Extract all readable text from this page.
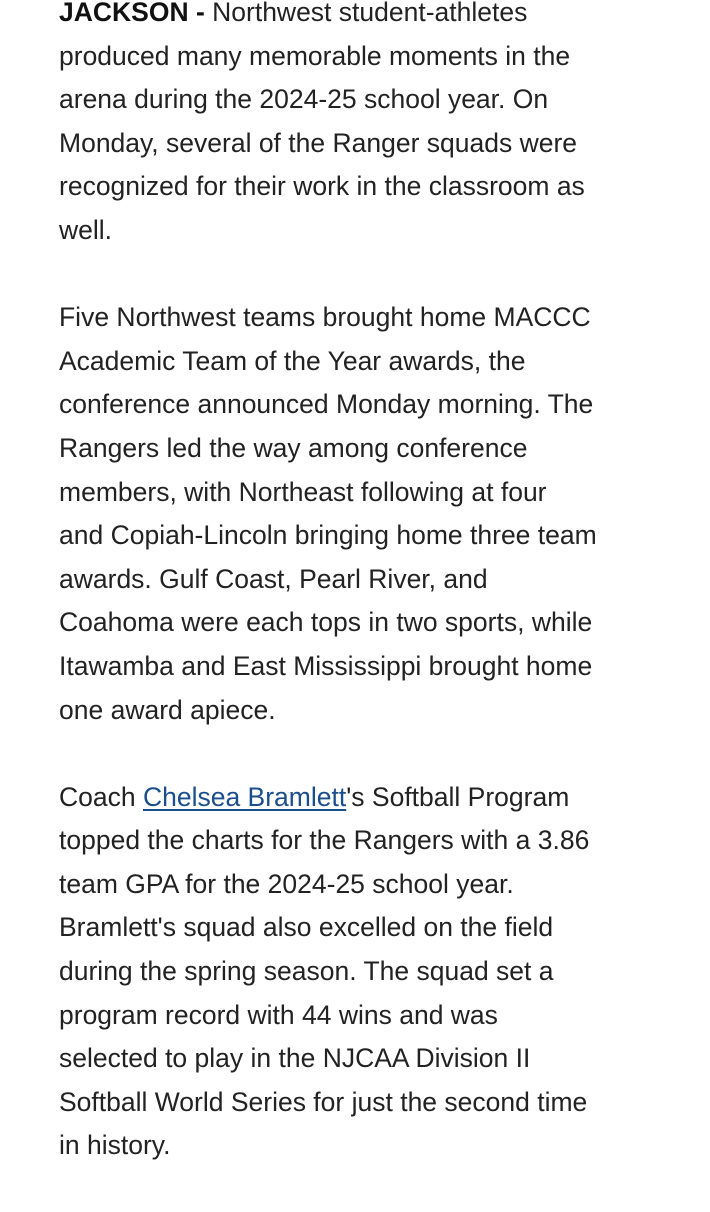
JACKSON - Northwest student-athletes
produced many memorable moments in the
arena during the 2024-25 school year. On
Monday, several of the Ranger squads were
recognized for their work in the classroom as
well.

Five Northwest teams brought home MACCC
Academic Team of the Year awards, the
conference announced Monday morning. The
Rangers led the way among conference
members, with Northeast following at four
and Copiah-Lincoln bringing home three team
awards. Gulf Coast, Pearl River, and
Coahoma were each tops in two sports, while
Itawamba and East Mississippi brought home
one award apiece.

Coach Chelsea Bramlett's Softball Program
topped the charts for the Rangers with a 3.86
team GPA for the 2024-25 school year.
Bramlett's squad also excelled on the field
during the spring season. The squad set a
program record with 44 wins and was
selected to play in the NJCAA Division II
Softball World Series for just the second time
in history.
